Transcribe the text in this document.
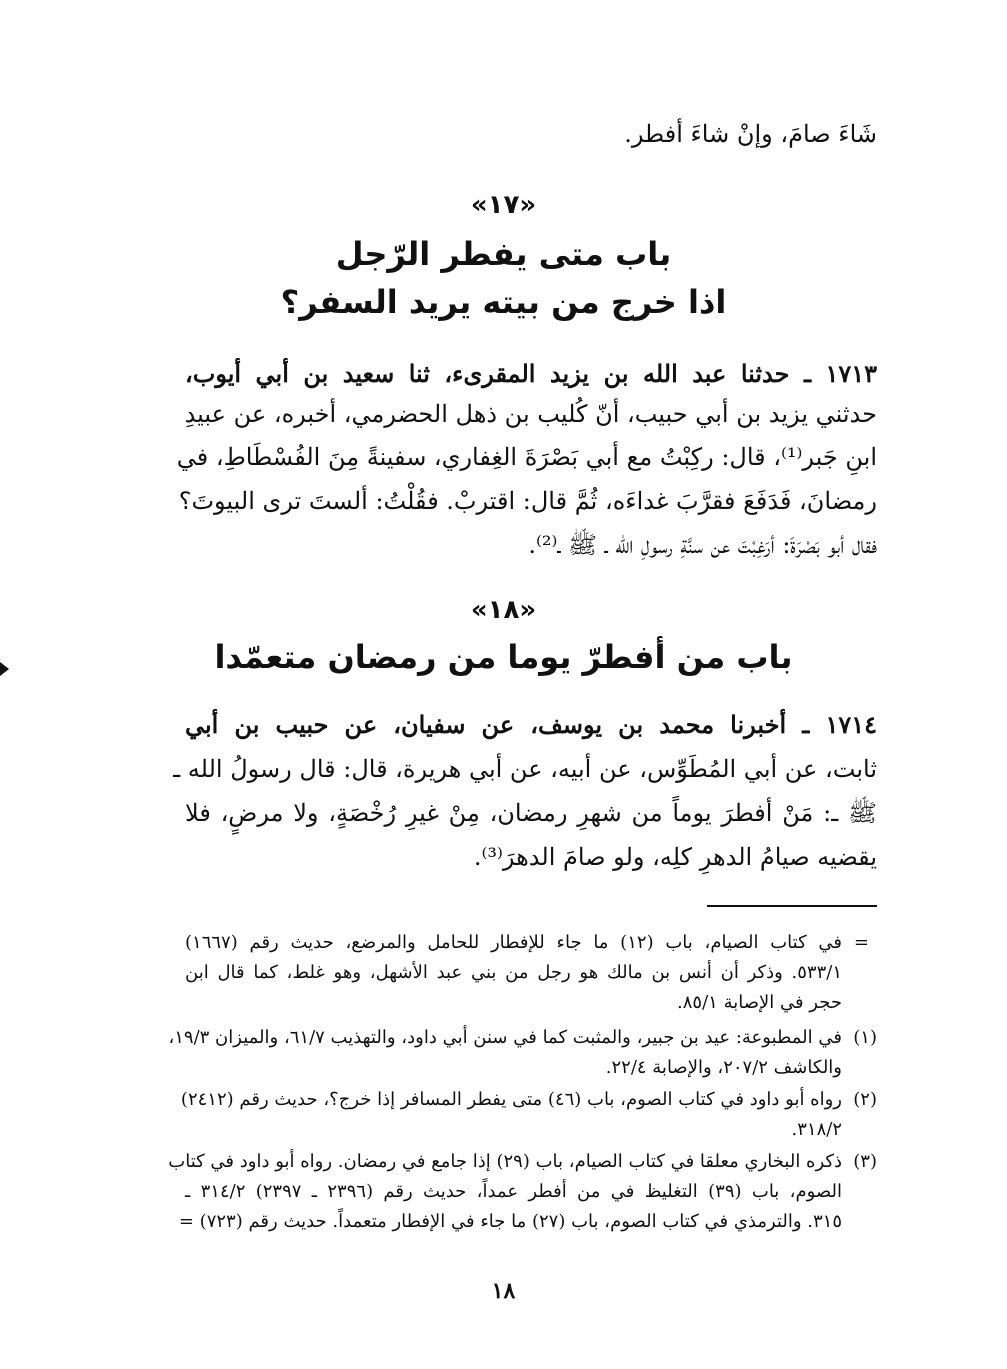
شَاءَ صامَ، وإنْ شاءَ أفطر.
«١٧»
باب متى يفطر الرّجل
اذا خرج من بيته يريد السفر؟
١٧١٣ ـ حدثنا عبد الله بن يزيد المقرىء، ثنا سعيد بن أبي أيوب،
حدثني يزيد بن أبي حبيب، أنّ كُليب بن ذهل الحضرمي، أخبره، عن عبيدِ
ابنِ جَبر⁽¹⁾، قال: ركِبْتُ مع أبي بَصْرَةَ الغِفاري، سفينةً مِنَ الفُسْطَاطِ، في
رمضانَ، فَدَفَعَ فقرَّبَ غداءَه، ثُمَّ قال: اقتربْ. فقُلْتُ: ألستَ ترى البيوتَ؟
فقال أبو بَصْرَةَ: أرَغِبْتَ عن سنَّةِ رسولِ الله ـ ﷺ ـ⁽²⁾.
«١٨»
باب من أفطرّ يوما من رمضان متعمّدا
١٧١٤ ـ أخبرنا محمد بن يوسف، عن سفيان، عن حبيب بن أبي
ثابت، عن أبي المُطَوِّس، عن أبيه، عن أبي هريرة، قال: قال رسولُ الله ـ
ﷺ ـ: مَنْ أفطرَ يوماً من شهرِ رمضان، مِنْ غيرِ رُخْصَةٍ، ولا مرضٍ، فلا
يقضيه صيامُ الدهرِ كلِه، ولو صامَ الدهرَ⁽³⁾.
=
في كتاب الصيام، باب (١٢) ما جاء للإفطار للحامل والمرضع، حديث رقم (١٦٦٧)
٥٣٣/١. وذكر أن أنس بن مالك هو رجل من بني عبد الأشهل، وهو غلط، كما قال ابن
حجر في الإصابة ٨٥/١.
(١)
في المطبوعة: عيد بن جبير، والمثبت كما في سنن أبي داود، والتهذيب ٦١/٧، والميزان ١٩/٣،
والكاشف ٢٠٧/٢، والإصابة ٢٢/٤.
(٢)
رواه أبو داود في كتاب الصوم، باب (٤٦) متى يفطر المسافر إذا خرج؟، حديث رقم (٢٤١٢)
٣١٨/٢.
(٣)
ذكره البخاري معلقا في كتاب الصيام، باب (٢٩) إذا جامع في رمضان. رواه أبو داود في كتاب
الصوم، باب (٣٩) التغليظ في من أفطر عمداً، حديث رقم (٢٣٩٦ ـ ٢٣٩٧) ٣١٤/٢ ـ
٣١٥. والترمذي في كتاب الصوم، باب (٢٧) ما جاء في الإفطار متعمداً. حديث رقم (٧٢٣) =
١٨
